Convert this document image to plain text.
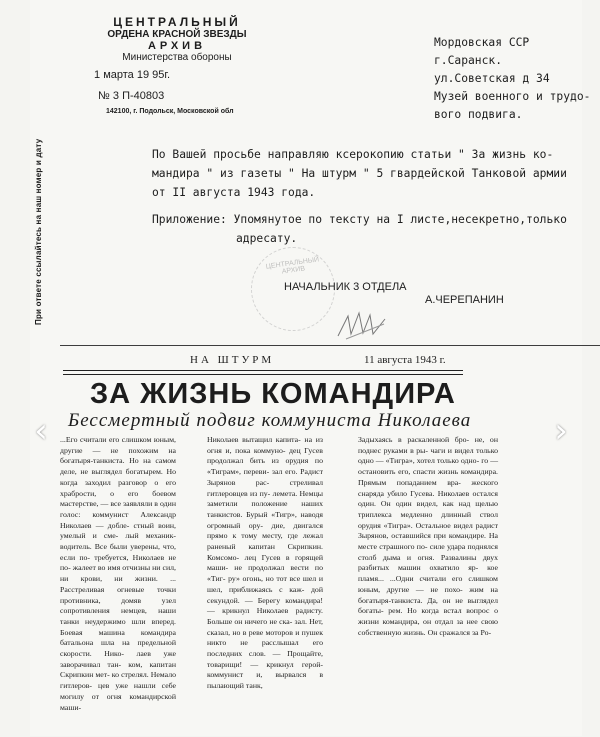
При ответе ссылайтесь на наш номер и дату
ЦЕНТРАЛЬНЫЙ
ОРДЕНА КРАСНОЙ ЗВЕЗДЫ
АРХИВ
Министерства обороны
1 марта 19 95г.
№ 3 П-40803
142100, г. Подольск, Московской обл
Мордовская ССР
г.Саранск.
ул.Советская д 34
Музей военного и трудо-
вого подвига.
По Вашей просьбе направляю ксерокопию статьи " За жизнь ко-
мандира " из газеты " На штурм " 5 гвардейской Танковой армии
от II августа 1943 года.
Приложение: Упомянутое по тексту на I листе,несекретно,только
адресату.
ЦЕНТРАЛЬНЫЙ АРХИВ
НАЧАЛЬНИК 3 ОТДЕЛА
А.ЧЕРЕПАНИН
НА ШТУРМ	11 августа 1943 г.
ЗА ЖИЗНЬ КОМАНДИРА
Бессмертный подвиг коммуниста Николаева
...Его считали его слишком юным, другие — не похожим на богатыря-танкиста. Но на самом деле, не выглядел богатырем. Но когда заходил разговор о его храбрости, о его боевом мастерстве, — все заявляли в один голос: коммунист Александр Николаев — добле- стный воин, умелый и сме- лый механик-водитель. Все были уверены, что, если по- требуется, Николаев не по- жалеет во имя отчизны ни сил, ни крови, ни жизни. ... Расстреливая огневые точки противника, домяв узел сопротивления немцев, наши танки неудержимо шли вперед. Боевая машина командира батальона шла на предельной скорости. Нико- лаев уже заворачивал тан- ком, капитан Скрипкин мет- ко стрелял. Немало гитлеров- цев уже нашли себе могилу от огня командирской маши-
Николаев вытащил капита- на из огня и, пока коммуно- дец Гусев продолжал бить из орудия по «Тиграм», переви- зал его. Радист Зырянов рас- стреливал гитлеровцев из пу- лемета. Немцы заметили положение наших танкистов. Бурый «Тигр», наводя огромный ору- дие, двигался прямо к тому месту, где лежал раненый капитан Скрипкин. Комсомо- лец Гусев в горящей маши- не продолжал вести по «Тиг- ру» огонь, но тот все шел и шел, приближаясь с каж- дой секундой. — Берегу командира! — крикнул Николаев радисту. Больше он ничего не ска- зал. Нет, сказал, но в реве моторов и пушек никто не расслышал его последних слов. — Прощайте, товарищи! — крикнул герой-коммунист и, вырвался в пылающий танк,
Задыхаясь в раскаленной бро- не, он поднес руками в ры- чаги и видел только одно — «Тигра», хотел только одно- го — остановить его, спасти жизнь командира. Прямым попаданием вра- жеского снаряда убило Гусева. Николаев остался один. Он один видел, как над щелью триплекса медленно длинный ствол орудия «Тигра». Остальное видел радист Зырянов, оставшийся при командире. На месте страшного по- силе удара поднялся столб дыма и огня. Развалины двух разбитых машин охватило яр- кое пламя... ...Одни считали его слишком юным, другие — не похо- жим на богатыря-танкиста. Да, он не выглядел богаты- рем. Но когда встал вопрос о жизни командира, он отдал за нее свою собственную жизнь. Он сражался за Ро-
‹	›
